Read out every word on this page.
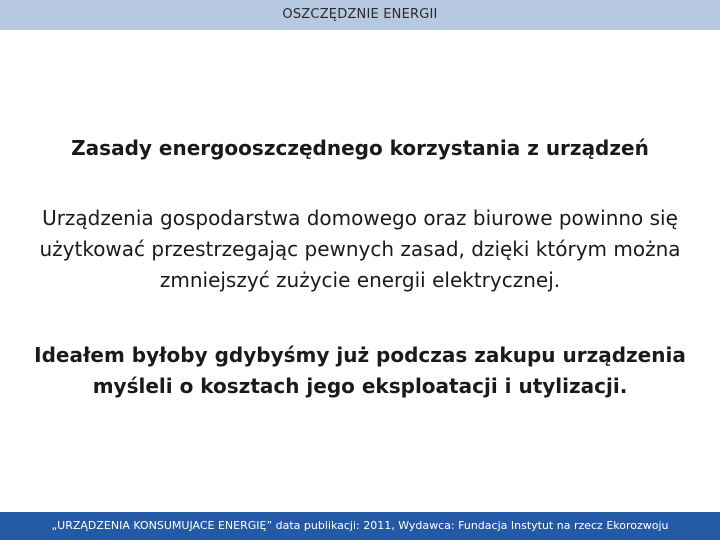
OSZCZĘDZNIE ENERGII
Zasady energooszczędnego korzystania z urządzeń
Urządzenia gospodarstwa domowego oraz biurowe powinno się użytkować przestrzegając pewnych zasad, dzięki którym można zmniejszyć zużycie energii elektrycznej.
Ideałem byłoby gdybyśmy już podczas zakupu urządzenia myśleli o kosztach jego eksploatacji i utylizacji.
„URZĄDZENIA KONSUMUJACE ENERGIĘ” data publikacji: 2011, Wydawca: Fundacja Instytut na rzecz Ekorozwoju
